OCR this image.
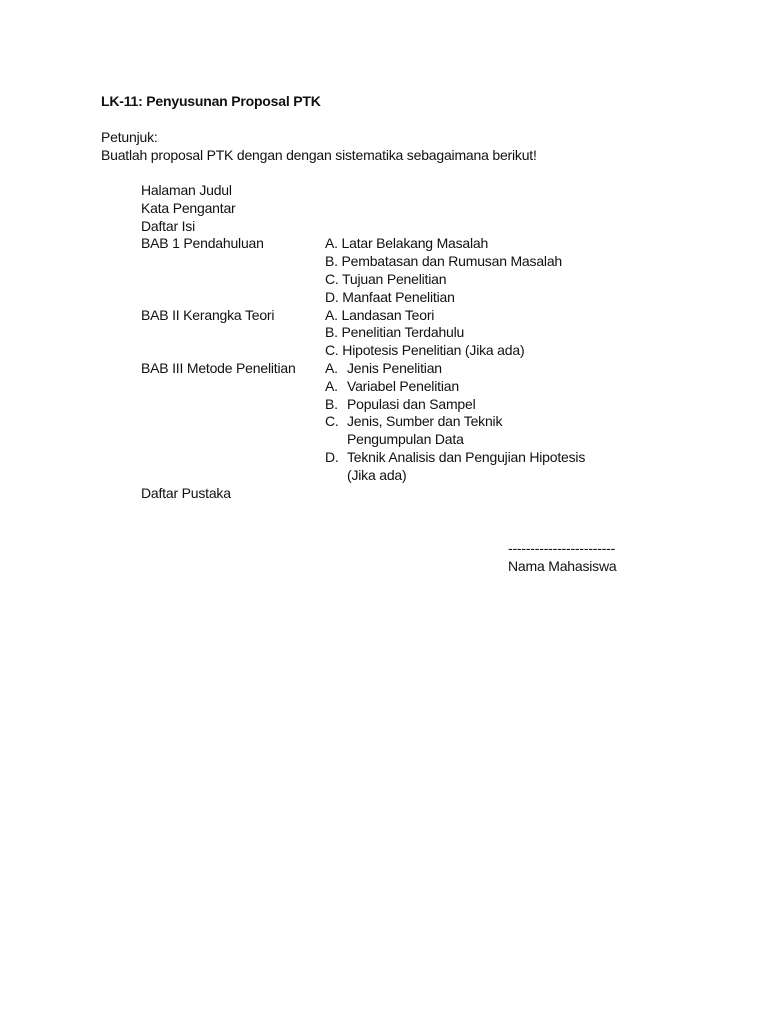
LK-11: Penyusunan Proposal PTK
Petunjuk:
Buatlah proposal PTK dengan dengan sistematika sebagaimana berikut!
Halaman Judul
Kata Pengantar
Daftar Isi
BAB 1 Pendahuluan	A. Latar Belakang Masalah
B. Pembatasan dan Rumusan Masalah
C. Tujuan Penelitian
D. Manfaat Penelitian
BAB II Kerangka Teori	A. Landasan Teori
B. Penelitian Terdahulu
C. Hipotesis Penelitian (Jika ada)
BAB III Metode Penelitian	A. Jenis Penelitian
A. Variabel Penelitian
B. Populasi dan Sampel
C. Jenis, Sumber dan Teknik
Pengumpulan Data
D. Teknik Analisis dan Pengujian Hipotesis
(Jika ada)
Daftar Pustaka
------------------------
Nama Mahasiswa
